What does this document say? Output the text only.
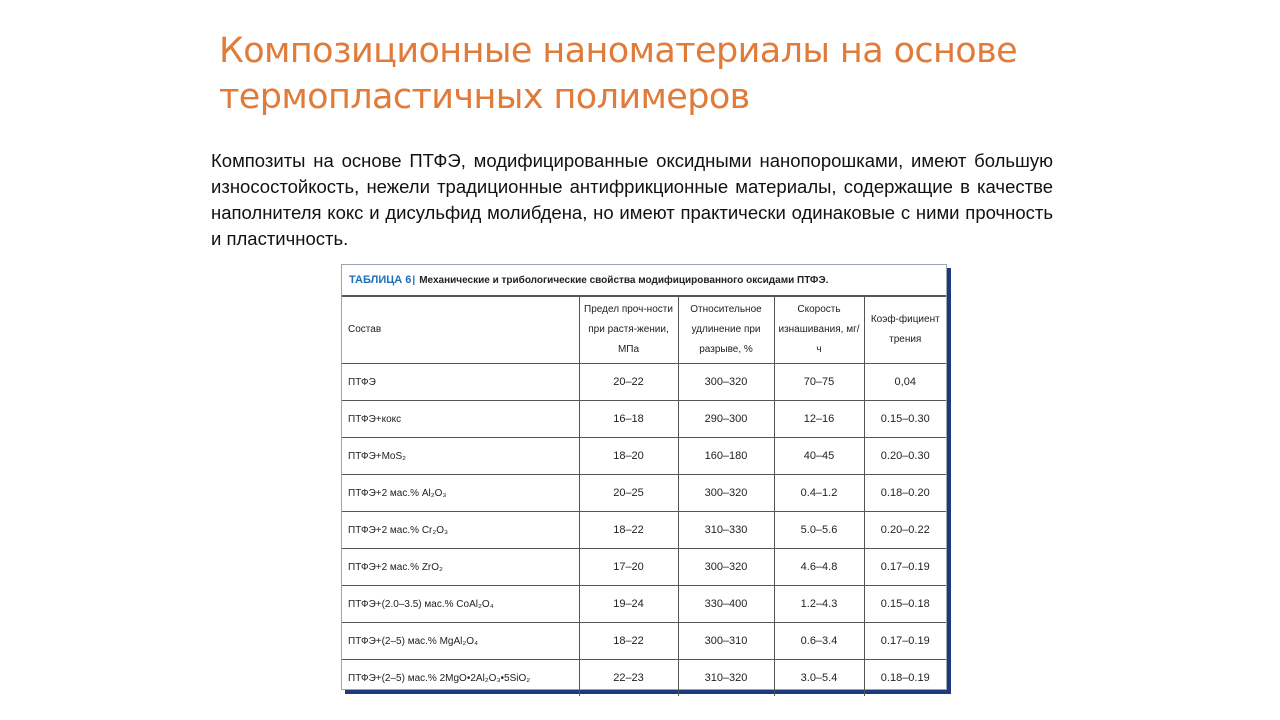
Композиционные наноматериалы на основе
термопластичных полимеров

Композиты на основе ПТФЭ, модифицированные оксидными нанопорошками, имеют большую износостойкость, нежели традиционные антифрикционные материалы, содержащие в качестве наполнителя кокс и дисульфид молибдена, но имеют практически одинаковые с ними прочность и пластичность.

ТАБЛИЦА 6| Механические и трибологические свойства модифицированного оксидами ПТФЭ.
Состав	Предел проч-ности при растя-жении, МПа	Относительное удлинение при разрыве, %	Скорость изнашивания, мг/ч	Коэф-фициент трения
ПТФЭ	20–22	300–320	70–75	0,04
ПТФЭ+кокс	16–18	290–300	12–16	0.15–0.30
ПТФЭ+MoS₂	18–20	160–180	40–45	0.20–0.30
ПТФЭ+2 мас.% Al₂O₃	20–25	300–320	0.4–1.2	0.18–0.20
ПТФЭ+2 мас.% Cr₂O₃	18–22	310–330	5.0–5.6	0.20–0.22
ПТФЭ+2 мас.% ZrO₂	17–20	300–320	4.6–4.8	0.17–0.19
ПТФЭ+(2.0–3.5) мас.% CoAl₂O₄	19–24	330–400	1.2–4.3	0.15–0.18
ПТФЭ+(2–5) мас.% MgAl₂O₄	18–22	300–310	0.6–3.4	0.17–0.19
ПТФЭ+(2–5) мас.% 2MgO•2Al₂O₃•5SiO₂	22–23	310–320	3.0–5.4	0.18–0.19
